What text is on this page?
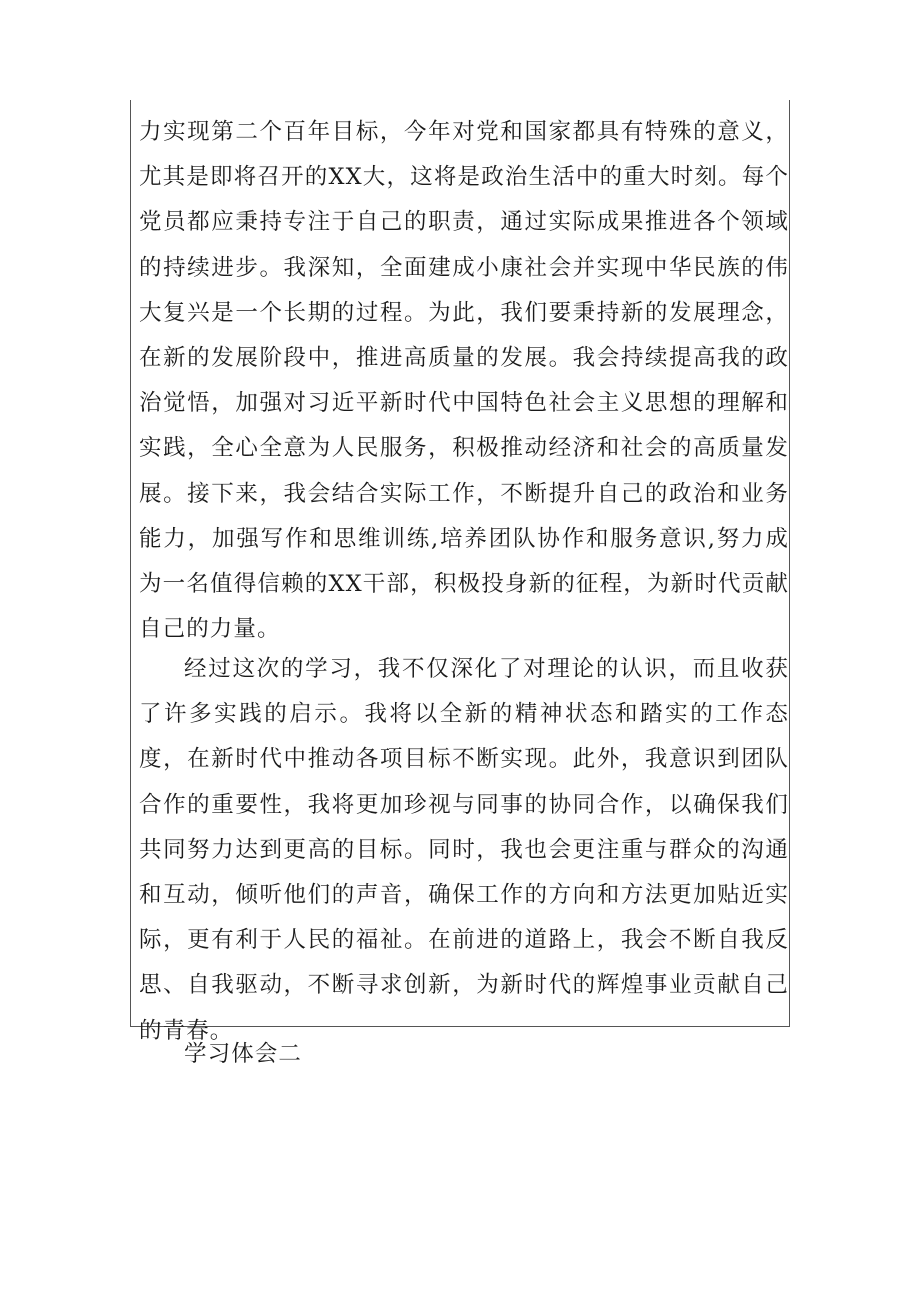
力实现第二个百年目标，今年对党和国家都具有特殊的意义，尤其是即将召开的XX大，这将是政治生活中的重大时刻。每个党员都应秉持专注于自己的职责，通过实际成果推进各个领域的持续进步。我深知，全面建成小康社会并实现中华民族的伟大复兴是一个长期的过程。为此，我们要秉持新的发展理念，在新的发展阶段中，推进高质量的发展。我会持续提高我的政治觉悟，加强对习近平新时代中国特色社会主义思想的理解和实践，全心全意为人民服务，积极推动经济和社会的高质量发展。接下来，我会结合实际工作，不断提升自己的政治和业务能力，加强写作和思维训练,培养团队协作和服务意识,努力成为一名值得信赖的XX干部，积极投身新的征程，为新时代贡献自己的力量。

经过这次的学习，我不仅深化了对理论的认识，而且收获了许多实践的启示。我将以全新的精神状态和踏实的工作态度，在新时代中推动各项目标不断实现。此外，我意识到团队合作的重要性，我将更加珍视与同事的协同合作，以确保我们共同努力达到更高的目标。同时，我也会更注重与群众的沟通和互动，倾听他们的声音，确保工作的方向和方法更加贴近实际，更有利于人民的福祉。在前进的道路上，我会不断自我反思、自我驱动，不断寻求创新，为新时代的辉煌事业贡献自己的青春。

学习体会二
